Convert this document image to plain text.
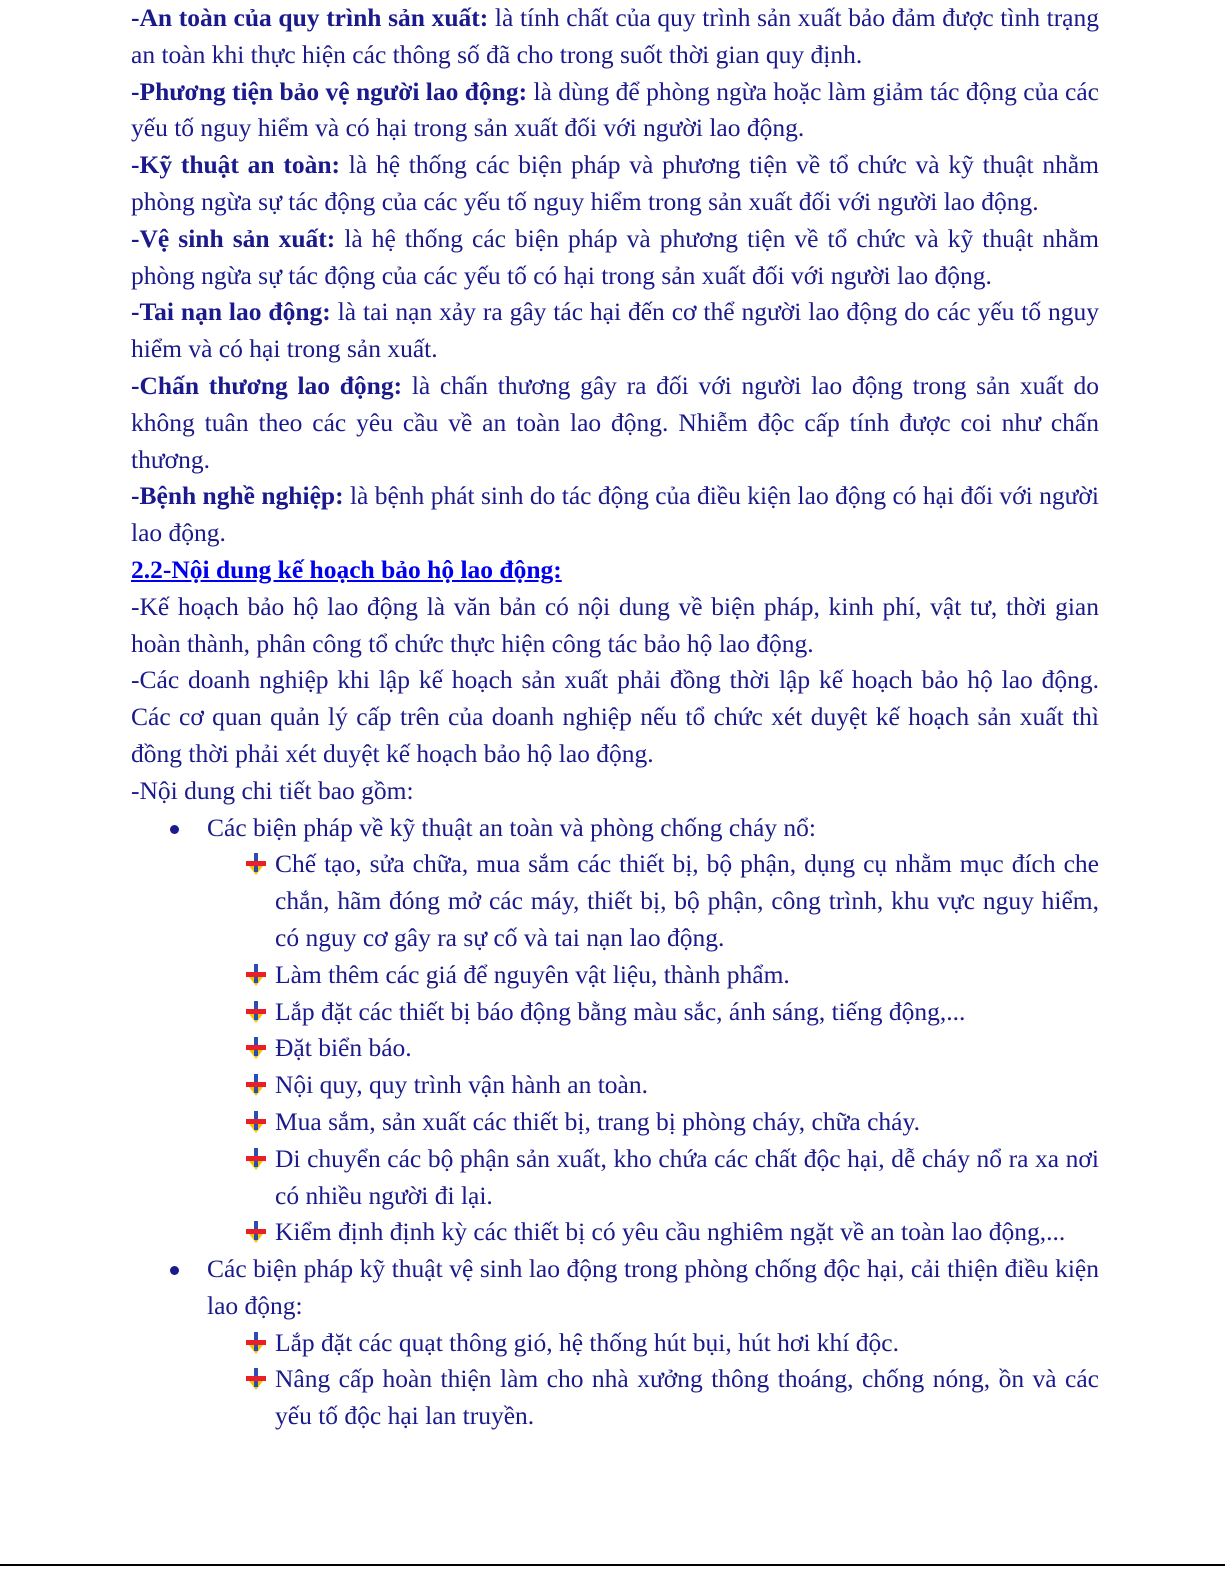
-An toàn của quy trình sản xuất: là tính chất của quy trình sản xuất bảo đảm được tình trạng an toàn khi thực hiện các thông số đã cho trong suốt thời gian quy định.

-Phương tiện bảo vệ người lao động: là dùng để phòng ngừa hoặc làm giảm tác động của các yếu tố nguy hiểm và có hại trong sản xuất đối với người lao động.

-Kỹ thuật an toàn: là hệ thống các biện pháp và phương tiện về tổ chức và kỹ thuật nhằm phòng ngừa sự tác động của các yếu tố nguy hiểm trong sản xuất đối với người lao động.

-Vệ sinh sản xuất: là hệ thống các biện pháp và phương tiện về tổ chức và kỹ thuật nhằm phòng ngừa sự tác động của các yếu tố có hại trong sản xuất đối với người lao động.

-Tai nạn lao động: là tai nạn xảy ra gây tác hại đến cơ thể người lao động do các yếu tố nguy hiểm và có hại trong sản xuất.

-Chấn thương lao động: là chấn thương gây ra đối với người lao động trong sản xuất do không tuân theo các yêu cầu về an toàn lao động. Nhiễm độc cấp tính được coi như chấn thương.

-Bệnh nghề nghiệp: là bệnh phát sinh do tác động của điều kiện lao động có hại đối với người lao động.

2.2-Nội dung kế hoạch bảo hộ lao động:

-Kế hoạch bảo hộ lao động là văn bản có nội dung về biện pháp, kinh phí, vật tư, thời gian hoàn thành, phân công tổ chức thực hiện công tác bảo hộ lao động.

-Các doanh nghiệp khi lập kế hoạch sản xuất phải đồng thời lập kế hoạch bảo hộ lao động. Các cơ quan quản lý cấp trên của doanh nghiệp nếu tổ chức xét duyệt kế hoạch sản xuất thì đồng thời phải xét duyệt kế hoạch bảo hộ lao động.

-Nội dung chi tiết bao gồm:

Các biện pháp về kỹ thuật an toàn và phòng chống cháy nổ:
Chế tạo, sửa chữa, mua sắm các thiết bị, bộ phận, dụng cụ nhằm mục đích che chắn, hãm đóng mở các máy, thiết bị, bộ phận, công trình, khu vực nguy hiểm, có nguy cơ gây ra sự cố và tai nạn lao động.
Làm thêm các giá để nguyên vật liệu, thành phẩm.
Lắp đặt các thiết bị báo động bằng màu sắc, ánh sáng, tiếng động,...
Đặt biển báo.
Nội quy, quy trình vận hành an toàn.
Mua sắm, sản xuất các thiết bị, trang bị phòng cháy, chữa cháy.
Di chuyển các bộ phận sản xuất, kho chứa các chất độc hại, dễ cháy nổ ra xa nơi có nhiều người đi lại.
Kiểm định định kỳ các thiết bị có yêu cầu nghiêm ngặt về an toàn lao động,...
Các biện pháp kỹ thuật vệ sinh lao động trong phòng chống độc hại, cải thiện điều kiện lao động:
Lắp đặt các quạt thông gió, hệ thống hút bụi, hút hơi khí độc.
Nâng cấp hoàn thiện làm cho nhà xưởng thông thoáng, chống nóng, ồn và các yếu tố độc hại lan truyền.
